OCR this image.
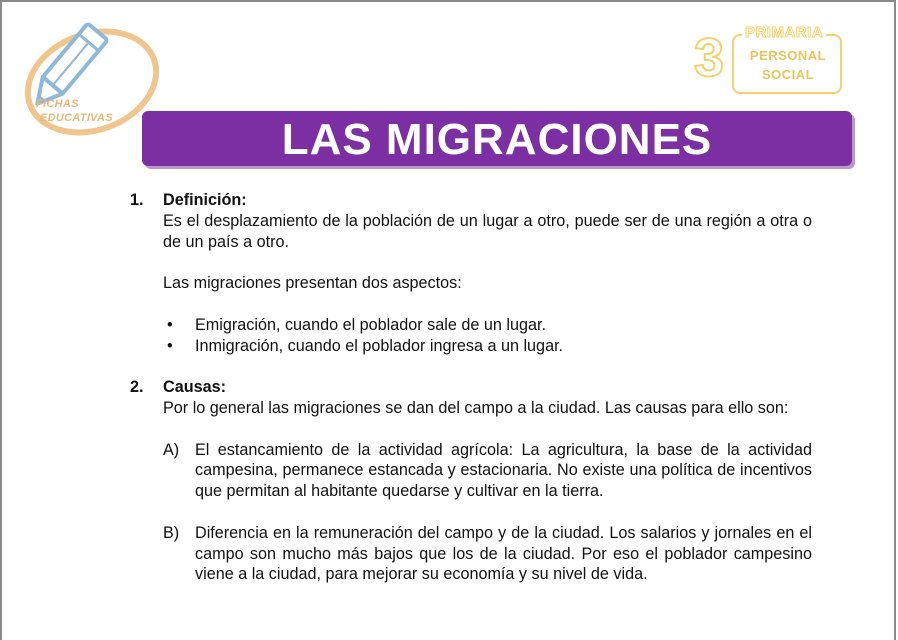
FICHAS
EDUCATIVAS
3 PRIMARIA
PERSONAL
SOCIAL
LAS MIGRACIONES
1. Definición:
Es el desplazamiento de la población de un lugar a otro, puede ser de una región a otra o de un país a otro.
Las migraciones presentan dos aspectos:
• Emigración, cuando el poblador sale de un lugar.
• Inmigración, cuando el poblador ingresa a un lugar.
2. Causas:
Por lo general las migraciones se dan del campo a la ciudad. Las causas para ello son:
A) El estancamiento de la actividad agrícola: La agricultura, la base de la actividad campesina, permanece estancada y estacionaria. No existe una política de incentivos que permitan al habitante quedarse y cultivar en la tierra.
B) Diferencia en la remuneración del campo y de la ciudad. Los salarios y jornales en el campo son mucho más bajos que los de la ciudad. Por eso el poblador campesino viene a la ciudad, para mejorar su economía y su nivel de vida.
